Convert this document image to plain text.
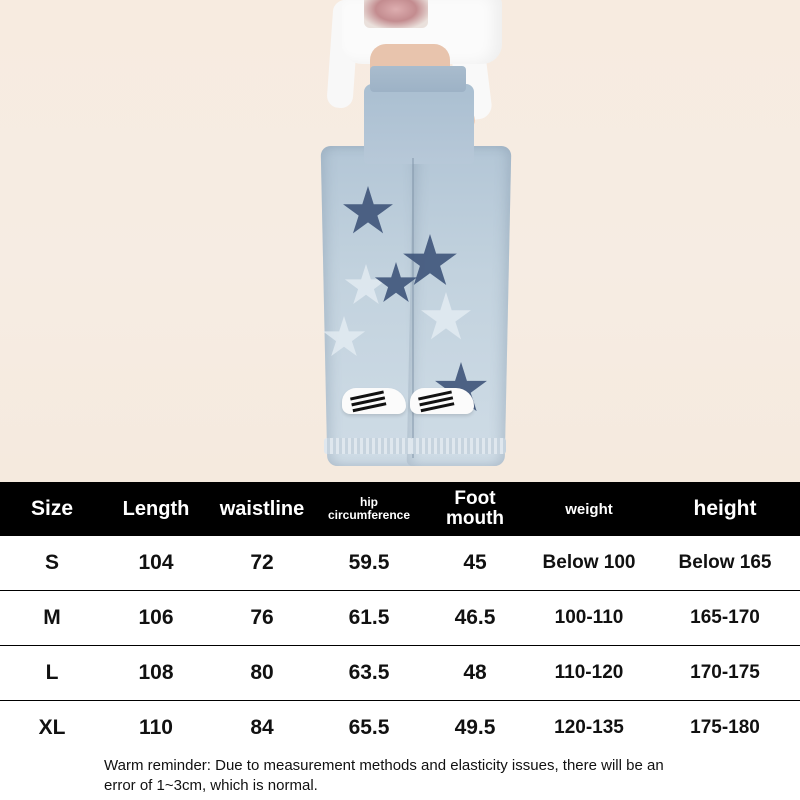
Size	Length	waistline	hip circumference	Foot mouth	weight	height
S	104	72	59.5	45	Below 100	Below 165
M	106	76	61.5	46.5	100-110	165-170
L	108	80	63.5	48	110-120	170-175
XL	110	84	65.5	49.5	120-135	175-180
Warm reminder: Due to measurement methods and elasticity issues, there will be an
error of 1~3cm, which is normal.
